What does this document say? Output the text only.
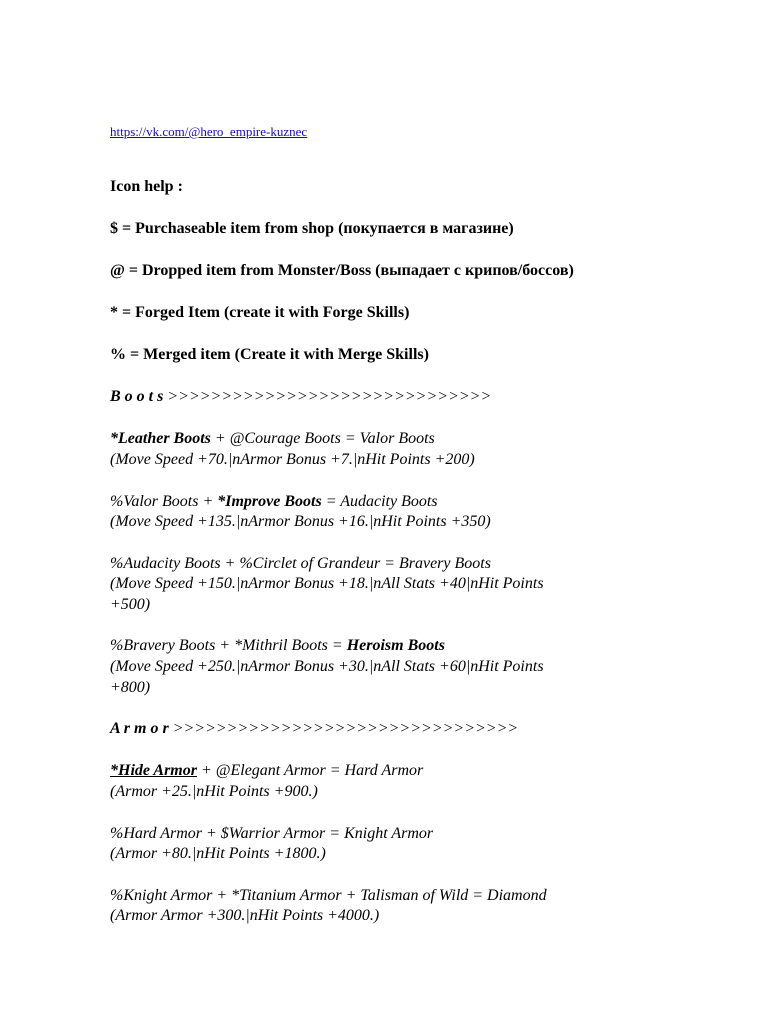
https://vk.com/@hero_empire-kuznec
Icon help :
$ = Purchaseable item from shop (покупается в магазине)
@ = Dropped item from Monster/Boss (выпадает с крипов/боссов)
* = Forged Item (create it with Forge Skills)
% = Merged item (Create it with Merge Skills)
B o o t s >>>>>>>>>>>>>>>>>>>>>>>>>>>>>>
*Leather Boots + @Courage Boots = Valor Boots
(Move Speed +70.|nArmor Bonus +7.|nHit Points +200)
%Valor Boots + *Improve Boots = Audacity Boots
(Move Speed +135.|nArmor Bonus +16.|nHit Points +350)
%Audacity Boots + %Circlet of Grandeur = Bravery Boots
(Move Speed +150.|nArmor Bonus +18.|nAll Stats +40|nHit Points
+500)
%Bravery Boots + *Mithril Boots = Heroism Boots
(Move Speed +250.|nArmor Bonus +30.|nAll Stats +60|nHit Points
+800)
A r m o r >>>>>>>>>>>>>>>>>>>>>>>>>>>>>>>>
*Hide Armor + @Elegant Armor = Hard Armor
(Armor +25.|nHit Points +900.)
%Hard Armor + $Warrior Armor = Knight Armor
(Armor +80.|nHit Points +1800.)
%Knight Armor + *Titanium Armor + Talisman of Wild = Diamond
(Armor Armor +300.|nHit Points +4000.)
